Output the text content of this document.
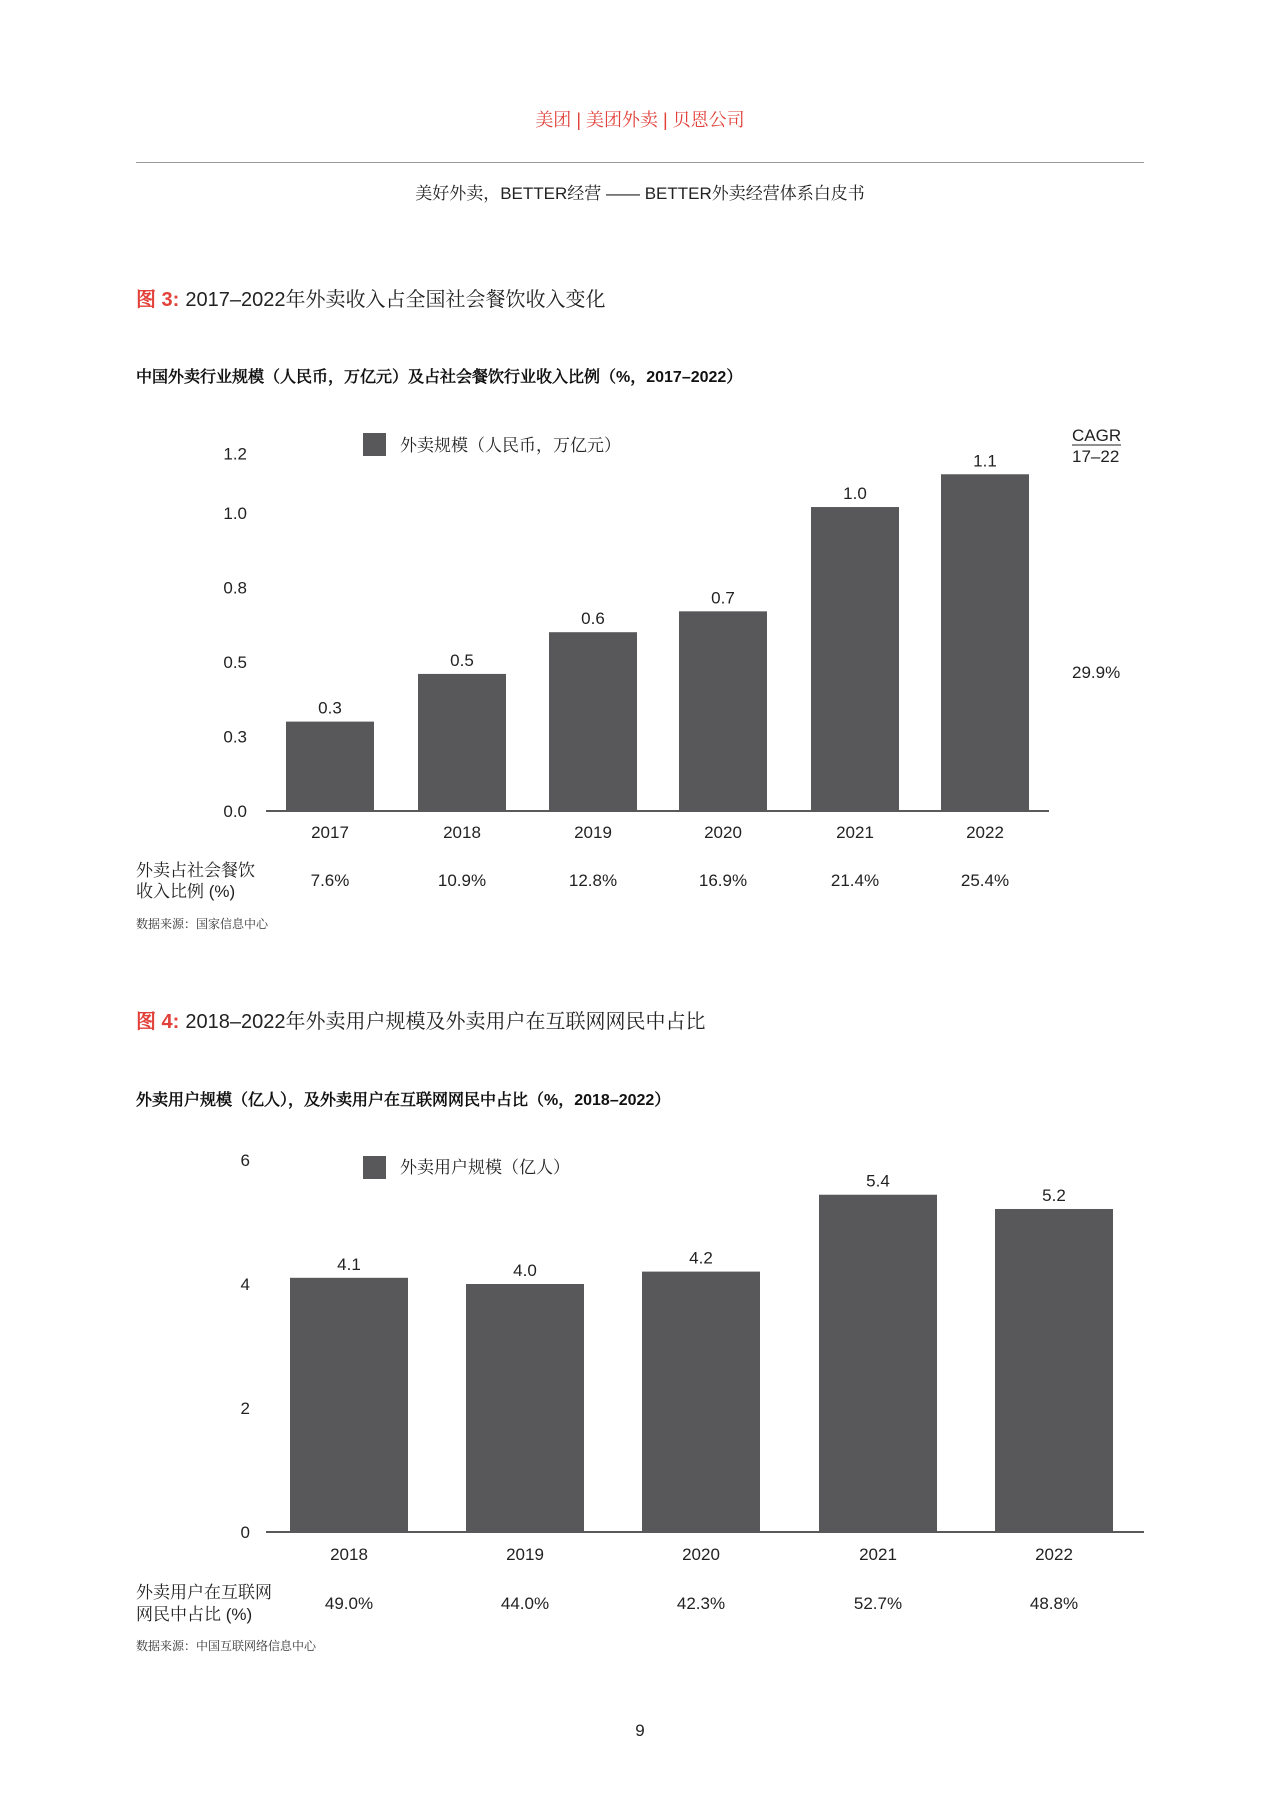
美团 | 美团外卖 | 贝恩公司
美好外卖，BETTER经营 —— BETTER外卖经营体系白皮书
图 3: 2017–2022年外卖收入占全国社会餐饮收入变化
中国外卖行业规模（人民币，万亿元）及占社会餐饮行业收入比例（%，2017–2022）
图 4: 2018–2022年外卖用户规模及外卖用户在互联网网民中占比
外卖用户规模（亿人），及外卖用户在互联网网民中占比（%，2018–2022）
外卖规模（人民币，万亿元）
CAGR
17–22
29.9%
外卖占社会餐饮
收入比例 (%)
数据来源：国家信息中心
0.0
0.3
0.5
0.8
1.0
1.2
0.3
2017
7.6%
0.5
2018
10.9%
0.6
2019
12.8%
0.7
2020
16.9%
1.0
2021
21.4%
1.1
2022
25.4%
外卖用户规模（亿人）
外卖用户在互联网
网民中占比 (%)
数据来源：中国互联网络信息中心
0
2
4
6
4.1
2018
49.0%
4.0
2019
44.0%
4.2
2020
42.3%
5.4
2021
52.7%
5.2
2022
48.8%
9
